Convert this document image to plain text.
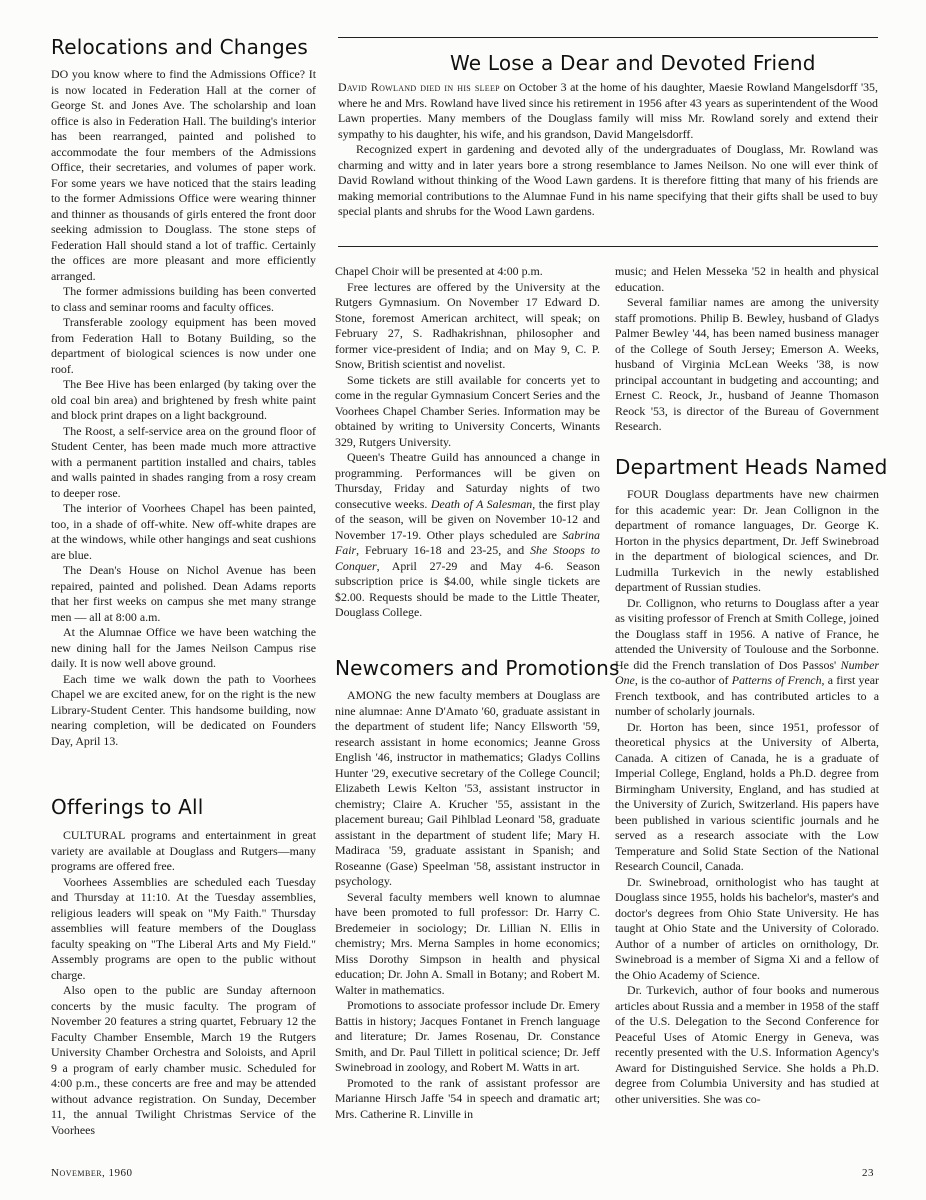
Relocations and Changes

DO you know where to find the Admissions Office? It is now located in Federation Hall at the corner of George St. and Jones Ave. The scholarship and loan office is also in Federation Hall. The building's interior has been rearranged, painted and polished to accommodate the four members of the Admissions Office, their secretaries, and volumes of paper work. For some years we have noticed that the stairs leading to the former Admissions Office were wearing thinner and thinner as thousands of girls entered the front door seeking admission to Douglass. The stone steps of Federation Hall should stand a lot of traffic. Certainly the offices are more pleasant and more efficiently arranged.

The former admissions building has been converted to class and seminar rooms and faculty offices.

Transferable zoology equipment has been moved from Federation Hall to Botany Building, so the department of biological sciences is now under one roof.

The Bee Hive has been enlarged (by taking over the old coal bin area) and brightened by fresh white paint and block print drapes on a light background.

The Roost, a self-service area on the ground floor of Student Center, has been made much more attractive with a permanent partition installed and chairs, tables and walls painted in shades ranging from a rosy cream to deeper rose.

The interior of Voorhees Chapel has been painted, too, in a shade of off-white. New off-white drapes are at the windows, while other hangings and seat cushions are blue.

The Dean's House on Nichol Avenue has been repaired, painted and polished. Dean Adams reports that her first weeks on campus she met many strange men — all at 8:00 a.m.

At the Alumnae Office we have been watching the new dining hall for the James Neilson Campus rise daily. It is now well above ground.

Each time we walk down the path to Voorhees Chapel we are excited anew, for on the right is the new Library-Student Center. This handsome building, now nearing completion, will be dedicated on Founders Day, April 13.

Offerings to All

CULTURAL programs and entertainment in great variety are available at Douglass and Rutgers—many programs are offered free.

Voorhees Assemblies are scheduled each Tuesday and Thursday at 11:10. At the Tuesday assemblies, religious leaders will speak on "My Faith." Thursday assemblies will feature members of the Douglass faculty speaking on "The Liberal Arts and My Field." Assembly programs are open to the public without charge.

Also open to the public are Sunday afternoon concerts by the music faculty. The program of November 20 features a string quartet, February 12 the Faculty Chamber Ensemble, March 19 the Rutgers University Chamber Orchestra and Soloists, and April 9 a program of early chamber music. Scheduled for 4:00 p.m., these concerts are free and may be attended without advance registration. On Sunday, December 11, the annual Twilight Christmas Service of the Voorhees

We Lose a Dear and Devoted Friend

David Rowland died in his sleep on October 3 at the home of his daughter, Maesie Rowland Mangelsdorff '35, where he and Mrs. Rowland have lived since his retirement in 1956 after 43 years as superintendent of the Wood Lawn properties. Many members of the Douglass family will miss Mr. Rowland sorely and extend their sympathy to his daughter, his wife, and his grandson, David Mangelsdorff.

Recognized expert in gardening and devoted ally of the undergraduates of Douglass, Mr. Rowland was charming and witty and in later years bore a strong resemblance to James Neilson. No one will ever think of David Rowland without thinking of the Wood Lawn gardens. It is therefore fitting that many of his friends are making memorial contributions to the Alumnae Fund in his name specifying that their gifts shall be used to buy special plants and shrubs for the Wood Lawn gardens.

Chapel Choir will be presented at 4:00 p.m.

Free lectures are offered by the University at the Rutgers Gymnasium. On November 17 Edward D. Stone, foremost American architect, will speak; on February 27, S. Radhakrishnan, philosopher and former vice-president of India; and on May 9, C. P. Snow, British scientist and novelist.

Some tickets are still available for concerts yet to come in the regular Gymnasium Concert Series and the Voorhees Chapel Chamber Series. Information may be obtained by writing to University Concerts, Winants 329, Rutgers University.

Queen's Theatre Guild has announced a change in programming. Performances will be given on Thursday, Friday and Saturday nights of two consecutive weeks. Death of A Salesman, the first play of the season, will be given on November 10-12 and November 17-19. Other plays scheduled are Sabrina Fair, February 16-18 and 23-25, and She Stoops to Conquer, April 27-29 and May 4-6. Season subscription price is $4.00, while single tickets are $2.00. Requests should be made to the Little Theater, Douglass College.

Newcomers and Promotions

AMONG the new faculty members at Douglass are nine alumnae: Anne D'Amato '60, graduate assistant in the department of student life; Nancy Ellsworth '59, research assistant in home economics; Jeanne Gross English '46, instructor in mathematics; Gladys Collins Hunter '29, executive secretary of the College Council; Elizabeth Lewis Kelton '53, assistant instructor in chemistry; Claire A. Krucher '55, assistant in the placement bureau; Gail Pihlblad Leonard '58, graduate assistant in the department of student life; Mary H. Madiraca '59, graduate assistant in Spanish; and Roseanne (Gase) Speelman '58, assistant instructor in psychology.

Several faculty members well known to alumnae have been promoted to full professor: Dr. Harry C. Bredemeier in sociology; Dr. Lillian N. Ellis in chemistry; Mrs. Merna Samples in home economics; Miss Dorothy Simpson in health and physical education; Dr. John A. Small in Botany; and Robert M. Walter in mathematics.

Promotions to associate professor include Dr. Emery Battis in history; Jacques Fontanet in French language and literature; Dr. James Rosenau, Dr. Constance Smith, and Dr. Paul Tillett in political science; Dr. Jeff Swinebroad in zoology, and Robert M. Watts in art.

Promoted to the rank of assistant professor are Marianne Hirsch Jaffe '54 in speech and dramatic art; Mrs. Catherine R. Linville in

music; and Helen Messeka '52 in health and physical education.

Several familiar names are among the university staff promotions. Philip B. Bewley, husband of Gladys Palmer Bewley '44, has been named business manager of the College of South Jersey; Emerson A. Weeks, husband of Virginia McLean Weeks '38, is now principal accountant in budgeting and accounting; and Ernest C. Reock, Jr., husband of Jeanne Thomason Reock '53, is director of the Bureau of Government Research.

Department Heads Named

FOUR Douglass departments have new chairmen for this academic year: Dr. Jean Collignon in the department of romance languages, Dr. George K. Horton in the physics department, Dr. Jeff Swinebroad in the department of biological sciences, and Dr. Ludmilla Turkevich in the newly established department of Russian studies.

Dr. Collignon, who returns to Douglass after a year as visiting professor of French at Smith College, joined the Douglass staff in 1956. A native of France, he attended the University of Toulouse and the Sorbonne. He did the French translation of Dos Passos' Number One, is the co-author of Patterns of French, a first year French textbook, and has contributed articles to a number of scholarly journals.

Dr. Horton has been, since 1951, professor of theoretical physics at the University of Alberta, Canada. A citizen of Canada, he is a graduate of Imperial College, England, holds a Ph.D. degree from Birmingham University, England, and has studied at the University of Zurich, Switzerland. His papers have been published in various scientific journals and he served as a research associate with the Low Temperature and Solid State Section of the National Research Council, Canada.

Dr. Swinebroad, ornithologist who has taught at Douglass since 1955, holds his bachelor's, master's and doctor's degrees from Ohio State University. He has taught at Ohio State and the University of Colorado. Author of a number of articles on ornithology, Dr. Swinebroad is a member of Sigma Xi and a fellow of the Ohio Academy of Science.

Dr. Turkevich, author of four books and numerous articles about Russia and a member in 1958 of the staff of the U.S. Delegation to the Second Conference for Peaceful Uses of Atomic Energy in Geneva, was recently presented with the U.S. Information Agency's Award for Distinguished Service. She holds a Ph.D. degree from Columbia University and has studied at other universities. She was co-

November, 1960	23
